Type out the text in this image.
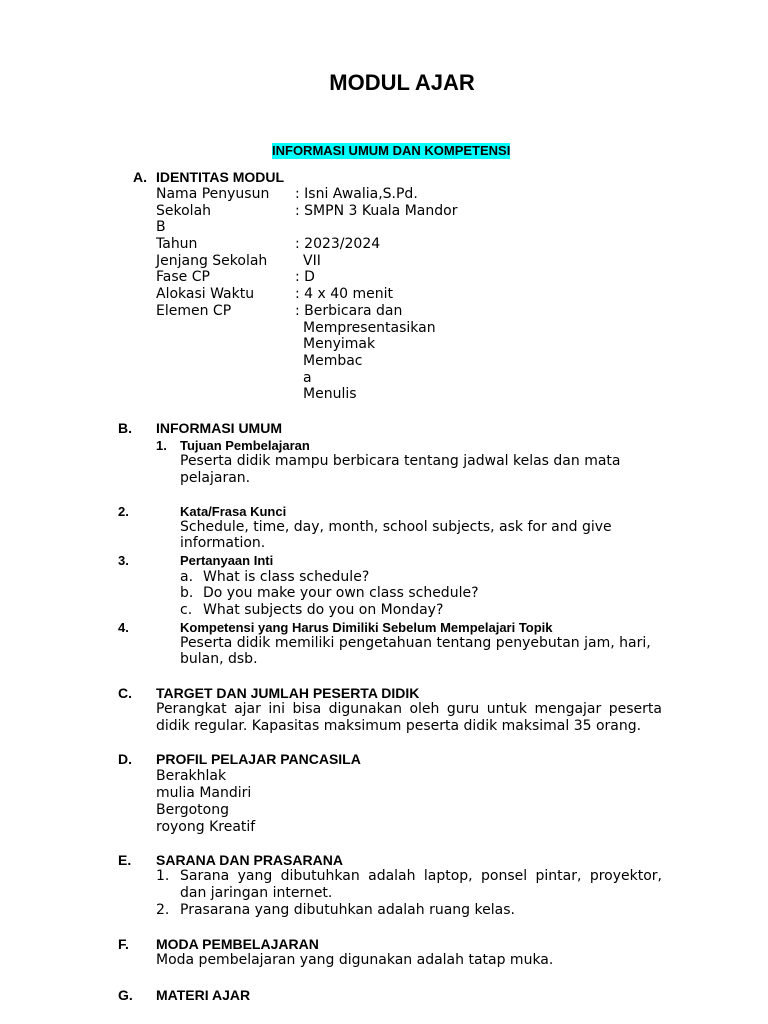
MODUL AJAR
INFORMASI UMUM DAN KOMPETENSI
A. IDENTITAS MODUL
Nama Penyusun : Isni Awalia,S.Pd.
Sekolah	: SMPN 3 Kuala Mandor
B
Tahun	: 2023/2024
Jenjang Sekolah	VII
Fase CP	: D
Alokasi Waktu	: 4 x 40 menit
Elemen CP	: Berbicara dan
Mempresentasikan
Menyimak
Membac
a
Menulis
B. INFORMASI UMUM
1. Tujuan Pembelajaran
Peserta didik mampu berbicara tentang jadwal kelas dan mata
pelajaran.
2.	Kata/Frasa Kunci
Schedule, time, day, month, school subjects, ask for and give
information.
3.	Pertanyaan Inti
a. What is class schedule?
b. Do you make your own class schedule?
c. What subjects do you on Monday?
4.	Kompetensi yang Harus Dimiliki Sebelum Mempelajari Topik
Peserta didik memiliki pengetahuan tentang penyebutan jam, hari,
bulan, dsb.
C. TARGET DAN JUMLAH PESERTA DIDIK
Perangkat ajar ini bisa digunakan oleh guru untuk mengajar peserta
didik regular. Kapasitas maksimum peserta didik maksimal 35 orang.
D. PROFIL PELAJAR PANCASILA
Berakhlak
mulia Mandiri
Bergotong
royong Kreatif
E. SARANA DAN PRASARANA
1. Sarana yang dibutuhkan adalah laptop, ponsel pintar, proyektor,
dan jaringan internet.
2. Prasarana yang dibutuhkan adalah ruang kelas.
F. MODA PEMBELAJARAN
Moda pembelajaran yang digunakan adalah tatap muka.
G. MATERI AJAR
